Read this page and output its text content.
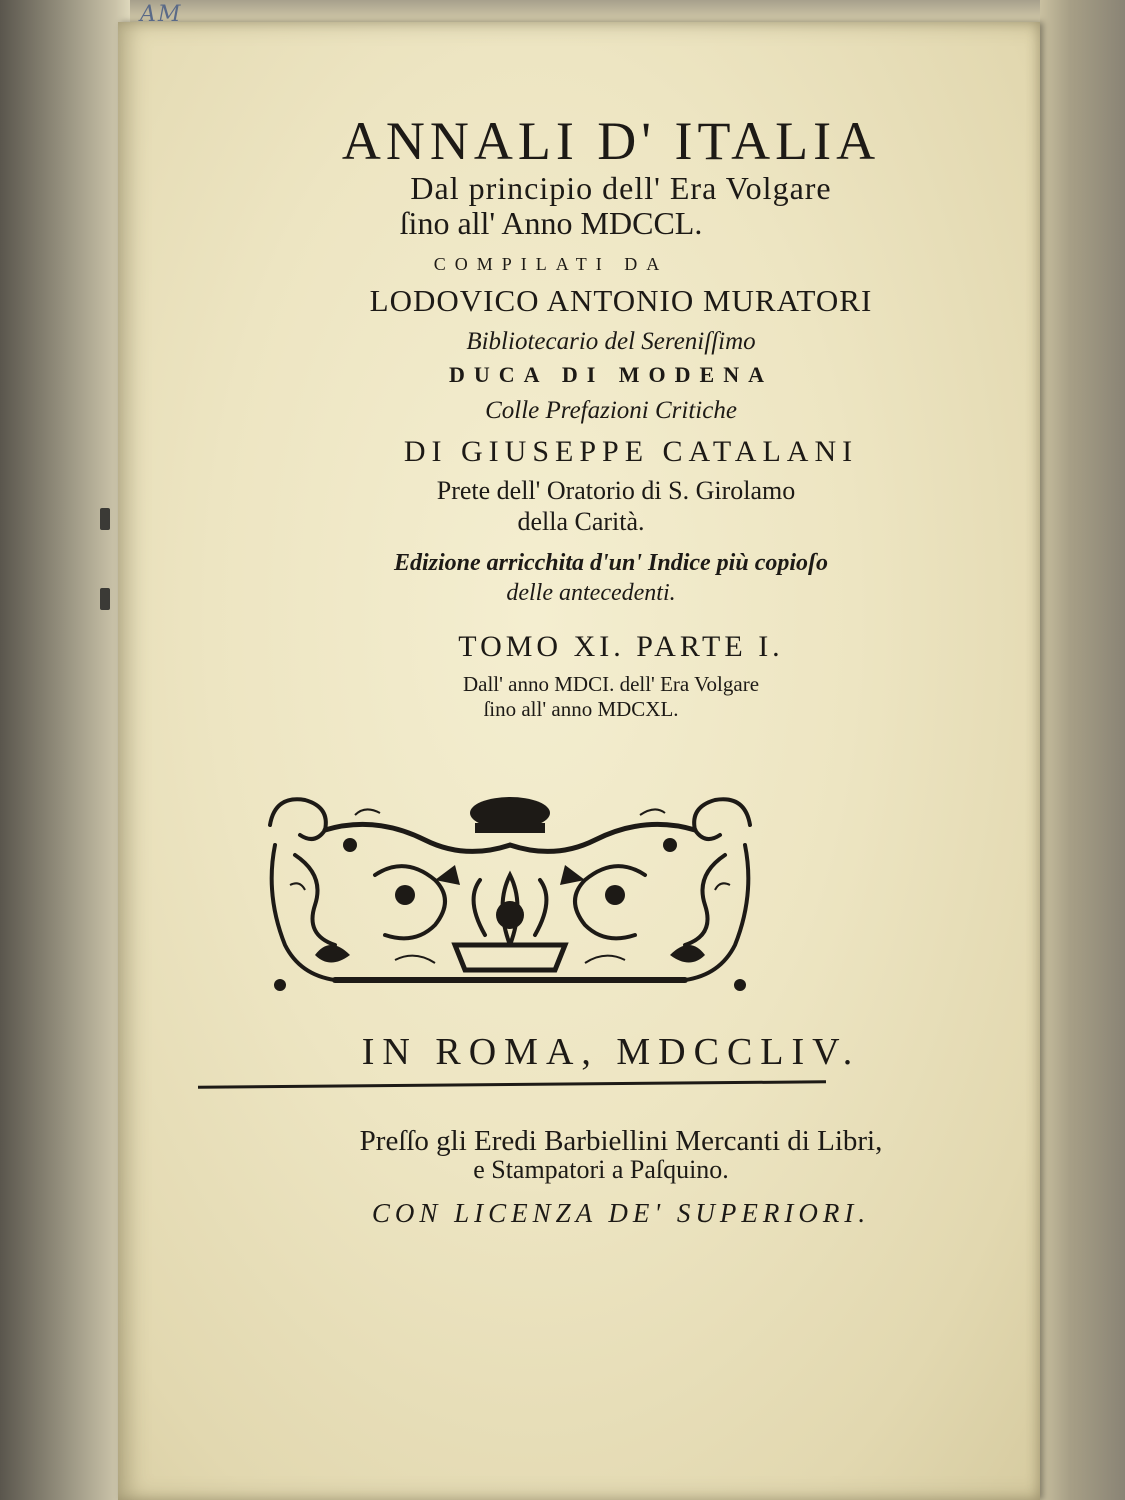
AM
ANNALI D' ITALIA
Dal principio dell' Era Volgare
ſino all' Anno MDCCL.
COMPILATI DA
LODOVICO ANTONIO MURATORI
Bibliotecario del Sereniſſimo
DUCA DI MODENA
Colle Prefazioni Critiche
DI GIUSEPPE CATALANI
Prete dell' Oratorio di S. Girolamo
della Carità.
Edizione arricchita d'un' Indice più copioſo
delle antecedenti.
TOMO XI. PARTE I.
Dall' anno MDCI. dell' Era Volgare
ſino all' anno MDCXL.
IN ROMA, MDCCLIV.
Preſſo gli Eredi Barbiellini Mercanti di Libri,
e Stampatori a Paſquino.
CON LICENZA DE' SUPERIORI.
